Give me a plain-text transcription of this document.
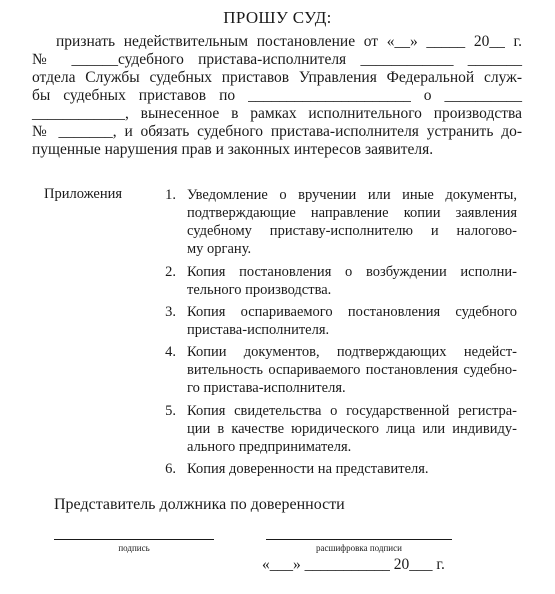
ПРОШУ СУД:
признать недействительным постановление от «__» _____ 20__ г.
№ ______судебного пристава-исполнителя ____________ _______
отдела Службы судебных приставов Управления Федеральной служ-
бы судебных приставов по _____________________ о __________
____________, вынесенное в рамках исполнительного производства
№ _______, и обязать судебного пристава-исполнителя устранить до-
пущенные нарушения прав и законных интересов заявителя.
Приложения	1. Уведомление о вручении или иные документы,
подтверждающие направление копии заявления
судебному приставу-исполнителю и налогово-
му органу.
2. Копия постановления о возбуждении исполни-
тельного производства.
3. Копия оспариваемого постановления судебного
пристава-исполнителя.
4. Копии документов, подтверждающих недейст-
вительность оспариваемого постановления судебно-
го пристава-исполнителя.
5. Копия свидетельства о государственной регистра-
ции в качестве юридического лица или индивиду-
ального предпринимателя.
6. Копия доверенности на представителя.
Представитель должника по доверенности
подпись	расшифровка подписи
«___» ___________ 20___ г.
